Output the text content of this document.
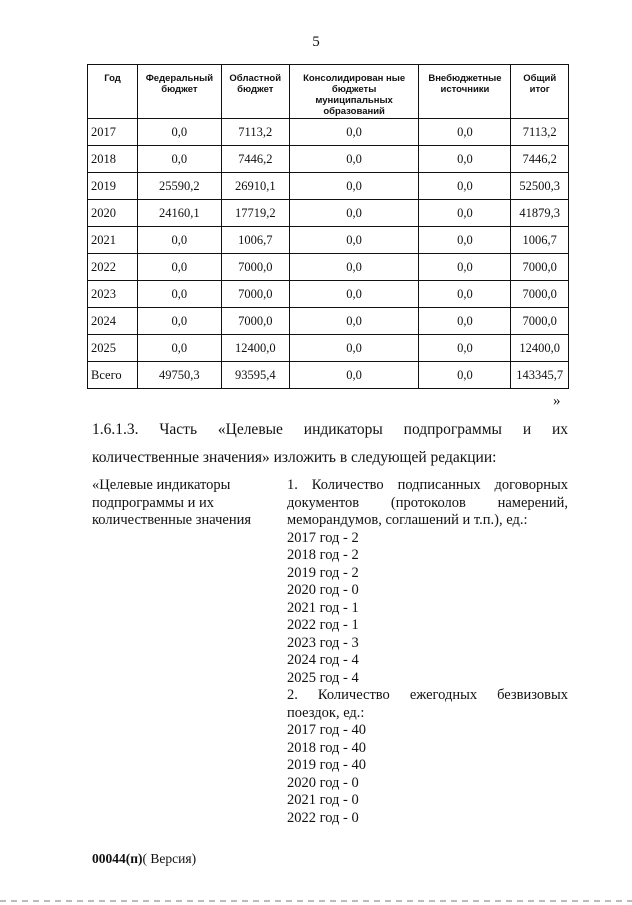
5
Год	Федеральный бюджет	Областной бюджет	Консолидирован ные бюджеты муниципальных образований	Внебюджетные источники	Общий итог
2017	0,0	7113,2	0,0	0,0	7113,2
2018	0,0	7446,2	0,0	0,0	7446,2
2019	25590,2	26910,1	0,0	0,0	52500,3
2020	24160,1	17719,2	0,0	0,0	41879,3
2021	0,0	1006,7	0,0	0,0	1006,7
2022	0,0	7000,0	0,0	0,0	7000,0
2023	0,0	7000,0	0,0	0,0	7000,0
2024	0,0	7000,0	0,0	0,0	7000,0
2025	0,0	12400,0	0,0	0,0	12400,0
Всего	49750,3	93595,4	0,0	0,0	143345,7
»
1.6.1.3. Часть «Целевые индикаторы подпрограммы и их
количественные значения» изложить в следующей редакции:
«Целевые индикаторы
подпрограммы и их
количественные значения
1. Количество подписанных договорных
документов (протоколов намерений,
меморандумов, соглашений и т.п.), ед.:
2017 год - 2
2018 год - 2
2019 год - 2
2020 год - 0
2021 год - 1
2022 год - 1
2023 год - 3
2024 год - 4
2025 год - 4
2. Количество ежегодных безвизовых
поездок, ед.:
2017 год - 40
2018 год - 40
2019 год - 40
2020 год - 0
2021 год - 0
2022 год - 0
00044(п)( Версия)
